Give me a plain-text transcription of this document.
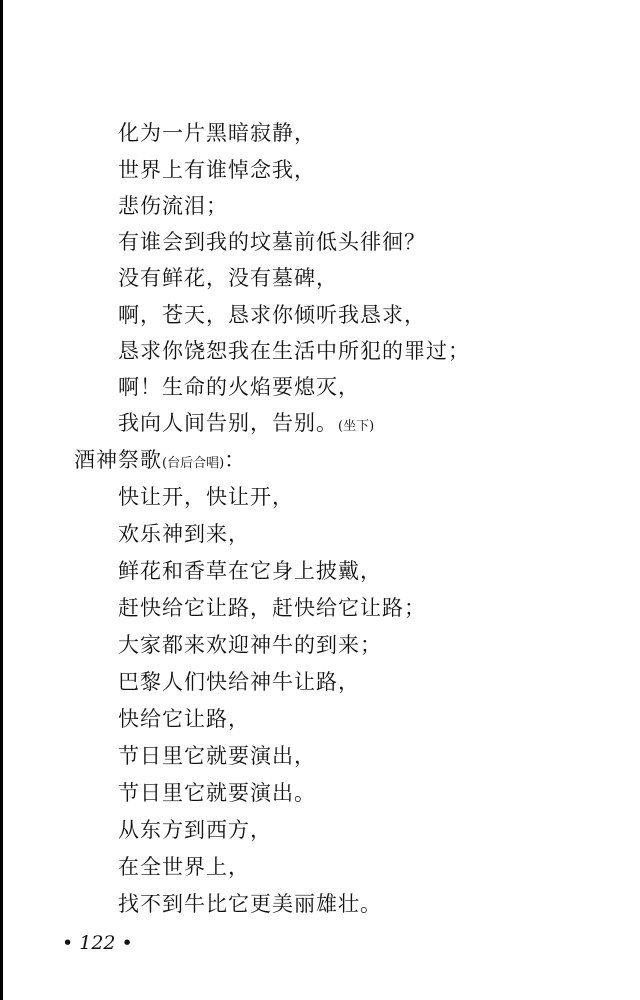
化为一片黑暗寂静，
世界上有谁悼念我，
悲伤流泪；
有谁会到我的坟墓前低头徘徊？
没有鲜花，没有墓碑，
啊，苍天，恳求你倾听我恳求，
恳求你饶恕我在生活中所犯的罪过；
啊！生命的火焰要熄灭，
我向人间告别，告别。(坐下)
酒神祭歌(台后合唱)：
快让开，快让开，
欢乐神到来，
鲜花和香草在它身上披戴，
赶快给它让路，赶快给它让路；
大家都来欢迎神牛的到来；
巴黎人们快给神牛让路，
快给它让路，
节日里它就要演出，
节日里它就要演出。
从东方到西方，
在全世界上，
找不到牛比它更美丽雄壮。
• 122 •
